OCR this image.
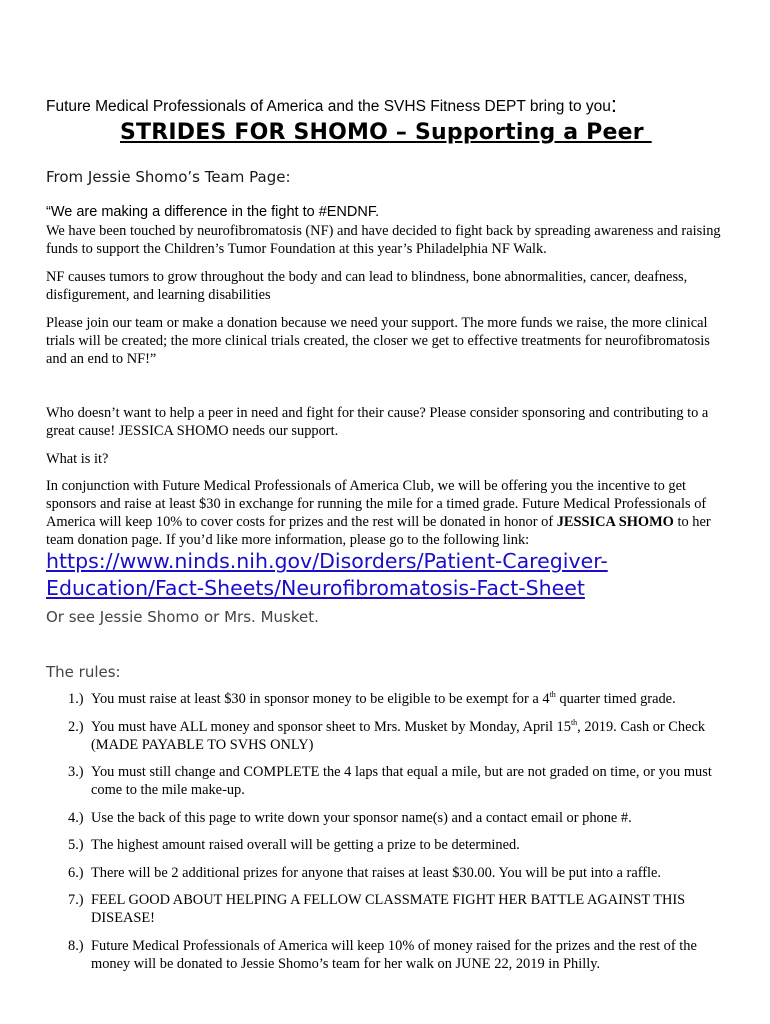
Future Medical Professionals of America and the SVHS Fitness DEPT bring to you:
STRIDES FOR SHOMO – Supporting a Peer
From Jessie Shomo’s Team Page:
“We are making a difference in the fight to #ENDNF.
We have been touched by neurofibromatosis (NF) and have decided to fight back by spreading awareness and raising funds to support the Children’s Tumor Foundation at this year’s Philadelphia NF Walk.
NF causes tumors to grow throughout the body and can lead to blindness, bone abnormalities, cancer, deafness, disfigurement, and learning disabilities
Please join our team or make a donation because we need your support. The more funds we raise, the more clinical trials will be created; the more clinical trials created, the closer we get to effective treatments for neurofibromatosis and an end to NF!”
Who doesn’t want to help a peer in need and fight for their cause? Please consider sponsoring and contributing to a great cause! JESSICA SHOMO needs our support.
What is it?
In conjunction with Future Medical Professionals of America Club, we will be offering you the incentive to get sponsors and raise at least $30 in exchange for running the mile for a timed grade. Future Medical Professionals of America will keep 10% to cover costs for prizes and the rest will be donated in honor of JESSICA SHOMO to her team donation page. If you’d like more information, please go to the following link:
https://www.ninds.nih.gov/Disorders/Patient-Caregiver-Education/Fact-Sheets/Neurofibromatosis-Fact-Sheet
Or see Jessie Shomo or Mrs. Musket.
The rules:
1.) You must raise at least $30 in sponsor money to be eligible to be exempt for a 4th quarter timed grade.
2.) You must have ALL money and sponsor sheet to Mrs. Musket by Monday, April 15th, 2019. Cash or Check (MADE PAYABLE TO SVHS ONLY)
3.) You must still change and COMPLETE the 4 laps that equal a mile, but are not graded on time, or you must come to the mile make-up.
4.) Use the back of this page to write down your sponsor name(s) and a contact email or phone #.
5.) The highest amount raised overall will be getting a prize to be determined.
6.) There will be 2 additional prizes for anyone that raises at least $30.00. You will be put into a raffle.
7.) FEEL GOOD ABOUT HELPING A FELLOW CLASSMATE FIGHT HER BATTLE AGAINST THIS DISEASE!
8.) Future Medical Professionals of America will keep 10% of money raised for the prizes and the rest of the money will be donated to Jessie Shomo’s team for her walk on JUNE 22, 2019 in Philly.
